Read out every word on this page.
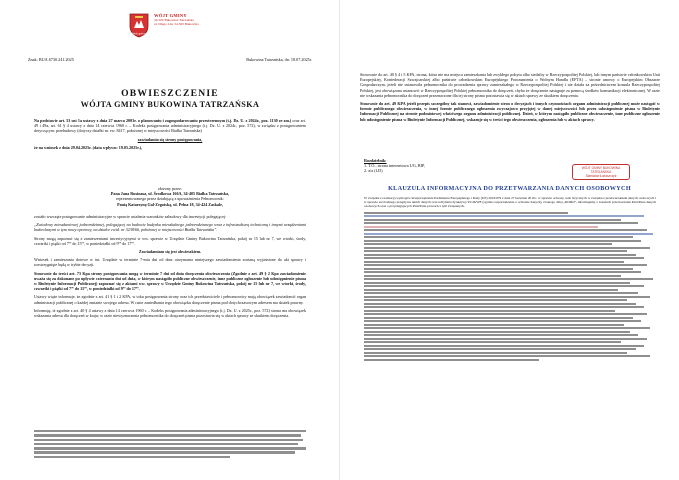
Herb gminy
WÓJT GMINY
34-500 Bukowina Tatrzańska
ul. Długa 144, 34-500 Bukowina
Znak: BUA.6730.241.2025	Bukowina Tatrzańska, dn. 18.07.2025r.
OBWIESZCZENIE
WÓJTA GMINY BUKOWINA TATRZAŃSKA

Na podstawie art. 53 ust 1a ustawy z dnia 27 marca 2003r. o planowaniu i zagospodarowaniu przestrzennym (t.j. Dz. U. z 2024r., poz. 1130 ze zm.) oraz art. 49 i 49a, art. 61 § 4 ustawy z dnia 14 czerwca 1960 r. – Kodeks postępowania administracyjnego (t.j. Dz. U. z 2024r., poz. 572), w związku z postępowaniem dotyczącym: przebudowy (dotyczy działki nr. ew. 8417, położonej w miejscowości Białka Tatrzańska)

zawiadamia się strony postępowania,

że na wniosek z dnia 29.04.2025r. (data wpływu: 19.05.2025r.),

złożony przez:

Pana Jana Rusinasa, ul. Środkowa 166A, 34-405 Białka Tatrzańska,

reprezentowanego przez działającą z upoważnienia Pełnomocnik:

Panią Katarzynę Gal-Zegotską, ul. Pelna 18, 34-424 Zaskale,

zostało wszczęte postępowanie administracyjne w sprawie ustalenia warunków zabudowy dla inwestycji polegającej:

„Zwiodowy mieszkaniowej jednorodzinnej, polegającej na budowie budynku mieszkalnego jednorodzinnego wraz z infrastrukturą techniczną i innymi urządzeniami budowlanymi w tym nowy oporowy, na działce ewid. nr 3238/66, położonej w miejscowości Białka Tatrzańska”.

Strony mogą zapoznać się z zamierzeniami inwestycyjnymi w ww. sprawie w Urzędzie Gminy Bukowina Tatrzańska, pokój nr 15 lub nr 7, we wtorki, środy, czwartki i piątki od 7ºº do 15ºº, w poniedziałki od 9ºº do 17ºº.

Zawiadamiam się jest obwieszkiem.

Wniosek i zamieszania dotowe w tut. Urzędzie w terminie 7-miu dni od dnia otrzymania niniejszego zawiadomienia zostaną wyjaśnione do akt sprawy i rozstrzygnięte będą w trybie decyzji.

Stosownie do treści art. 73 Kpa strony postępowania mogą w terminie 7 dni od dnia doręczenia obwieszczenia (Zgodnie z art. 49 § 2 Kpa zawiadomienie uważa się za dokonane po upływie czternastu dni od dnia, w którym nastąpiło publiczne obwieszczenie, inne publiczne ogłoszenie lub udostępnienie pisma w Biuletynie Informacji Publicznej) zapoznać się z aktami ww. sprawy w Urzędzie Gminy Bukowina Tatrzańska, pokój nr 15 lub nr 7, we wtorki, środy, czwartki i piątki od 7ºº do 15ºº, w poniedziałki od 9ºº do 17ºº.

Ustawy wiąże informuje, że zgodnie z art. 41 § 1 i 2 KPA, w toku postępowania strony oraz ich przedstawiciele i pełnomocnicy mają obowiązek zawiadomić organ administracji publicznej o każdej zmianie swojego adresu. W razie zaniedbania tego obowiązku doręczenie pisma pod dotychczasowym adresem ma skutek prawny.

Informuję, iż zgodnie z art. 40 § 4 ustawy z dnia 14 czerwca 1960 r. – Kodeks postępowania administracyjnego (t.j. Dz. U. z 2025r., poz. 572) strona ma obowiązek wskazania adresu dla doręczeń w kraju; w razie niewyznaczenia pełnomocnika do doręczeń pisma pozostawia się w aktach sprawy ze skutkiem doręczenia.

Stosownie do art. 40 § 4 i 5 KPA, strona, która nie ma miejsca zamieszkania lub zwykłego pobytu albo siedziby w Rzeczypospolitej Polskiej, lub innym państwie członkowskim Unii Europejskiej, Konfederacji Szwajcarskiej albo państwie członkowskim Europejskiego Porozumienia o Wolnym Handlu (EFTA) – stronie umowy o Europejskim Obszarze Gospodarczym, jeżeli nie ustanowiła pełnomocnika do prowadzenia sprawy zamieszkałego w Rzeczypospolitej Polskiej i nie działa za pośrednictwem konsula Rzeczypospolitej Polskiej, jest obowiązana ustanowić w Rzeczypospolitej Polskiej pełnomocnika do doręczeń, chyba że doręczenie następuje za pomocą środków komunikacji elektronicznej. W razie nie wskazania pełnomocnika do doręczeń przeznaczone dla tej strony pisma pozostawia się w aktach sprawy ze skutkiem doręczenia.

Stosownie do art. 49 KPA jeżeli przepis szczególny tak stanowi, zawiadomienie stron o decyzjach i innych czynnościach organu administracji publicznej może nastąpić w formie publicznego obwieszczenia, w innej formie publicznego ogłoszenia zwyczajowo przyjętej w danej miejscowości lub przez udostępnienie pisma w Biuletynie Informacji Publicznej na stronie podmiotowej właściwego organu administracji publicznej. Dzień, w którym nastąpiło publiczne obwieszczenie, inne publiczne ogłoszenie lub udostępnienie pisma w Biuletynie Informacji Publicznej, wskazuje się w treści tego obwieszczenia, ogłoszenia lub w aktach sprawy.

Rozdzielnik:
1. T.O., strona internetowa UG, BIP,
2. a/a (LD)
WÓJT GMINY BUKOWINA TATRZAŃSKA
Stanisław Łukaszczyk
KLAUZULA INFORMACYJNA DO PRZETWARZANIA DANYCH OSOBOWYCH
W związku z realizacją wymogów Rozporządzenia Parlamentu Europejskiego i Rady (UE) 2016/679 z dnia 27 kwietnia 2016 r. w sprawie ochrony osób fizycznych w związku z przetwarzaniem danych osobowych i w sprawie swobodnego przepływu takich danych oraz uchylenia dyrektywy 95/46/WE (ogólne rozporządzenie o ochronie danych), zwanego dalej „RODO”, informujemy o zasadach przetwarzania Pani/Pana danych osobowych oraz o przysługujących Pani/Panu prawach z tym związanych.
